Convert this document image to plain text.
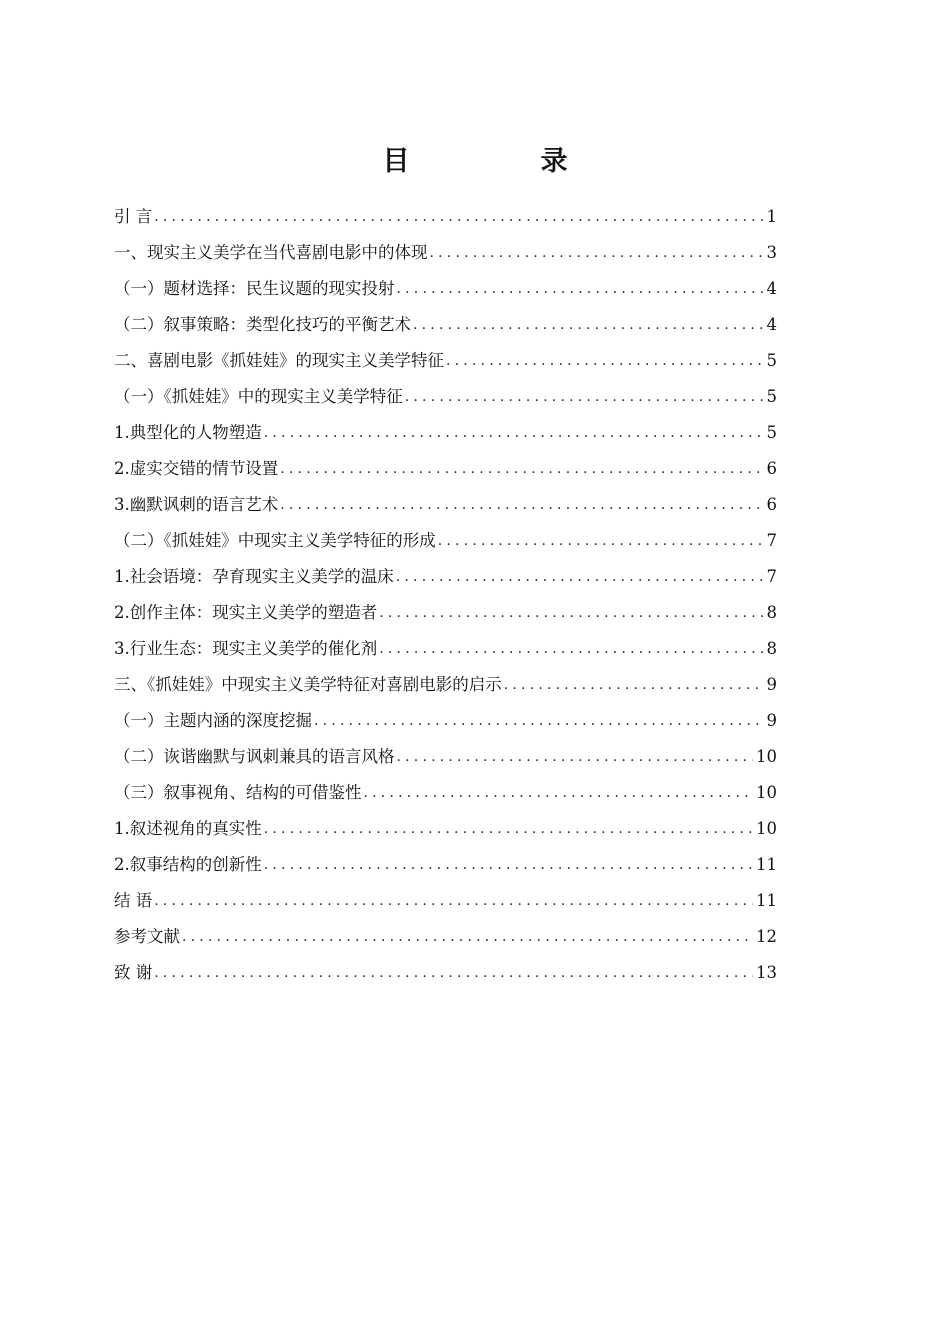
目　录
引 言 .....	1
一、现实主义美学在当代喜剧电影中的体现 .....	3
（一）题材选择：民生议题的现实投射 .....	4
（二）叙事策略：类型化技巧的平衡艺术 .....	4
二、喜剧电影《抓娃娃》的现实主义美学特征 .....	5
（一）《抓娃娃》中的现实主义美学特征 .....	5
1.典型化的人物塑造 .....	5
2.虚实交错的情节设置 .....	6
3.幽默讽刺的语言艺术 .....	6
（二）《抓娃娃》中现实主义美学特征的形成 .....	7
1.社会语境：孕育现实主义美学的温床 .....	7
2.创作主体：现实主义美学的塑造者 .....	8
3.行业生态：现实主义美学的催化剂 .....	8
三、《抓娃娃》中现实主义美学特征对喜剧电影的启示 .....	9
（一）主题内涵的深度挖掘 .....	9
（二）诙谐幽默与讽刺兼具的语言风格 .....	10
（三）叙事视角、结构的可借鉴性 .....	10
1.叙述视角的真实性 .....	10
2.叙事结构的创新性 .....	11
结 语 .....	11
参考文献 .....	12
致 谢 .....	13
